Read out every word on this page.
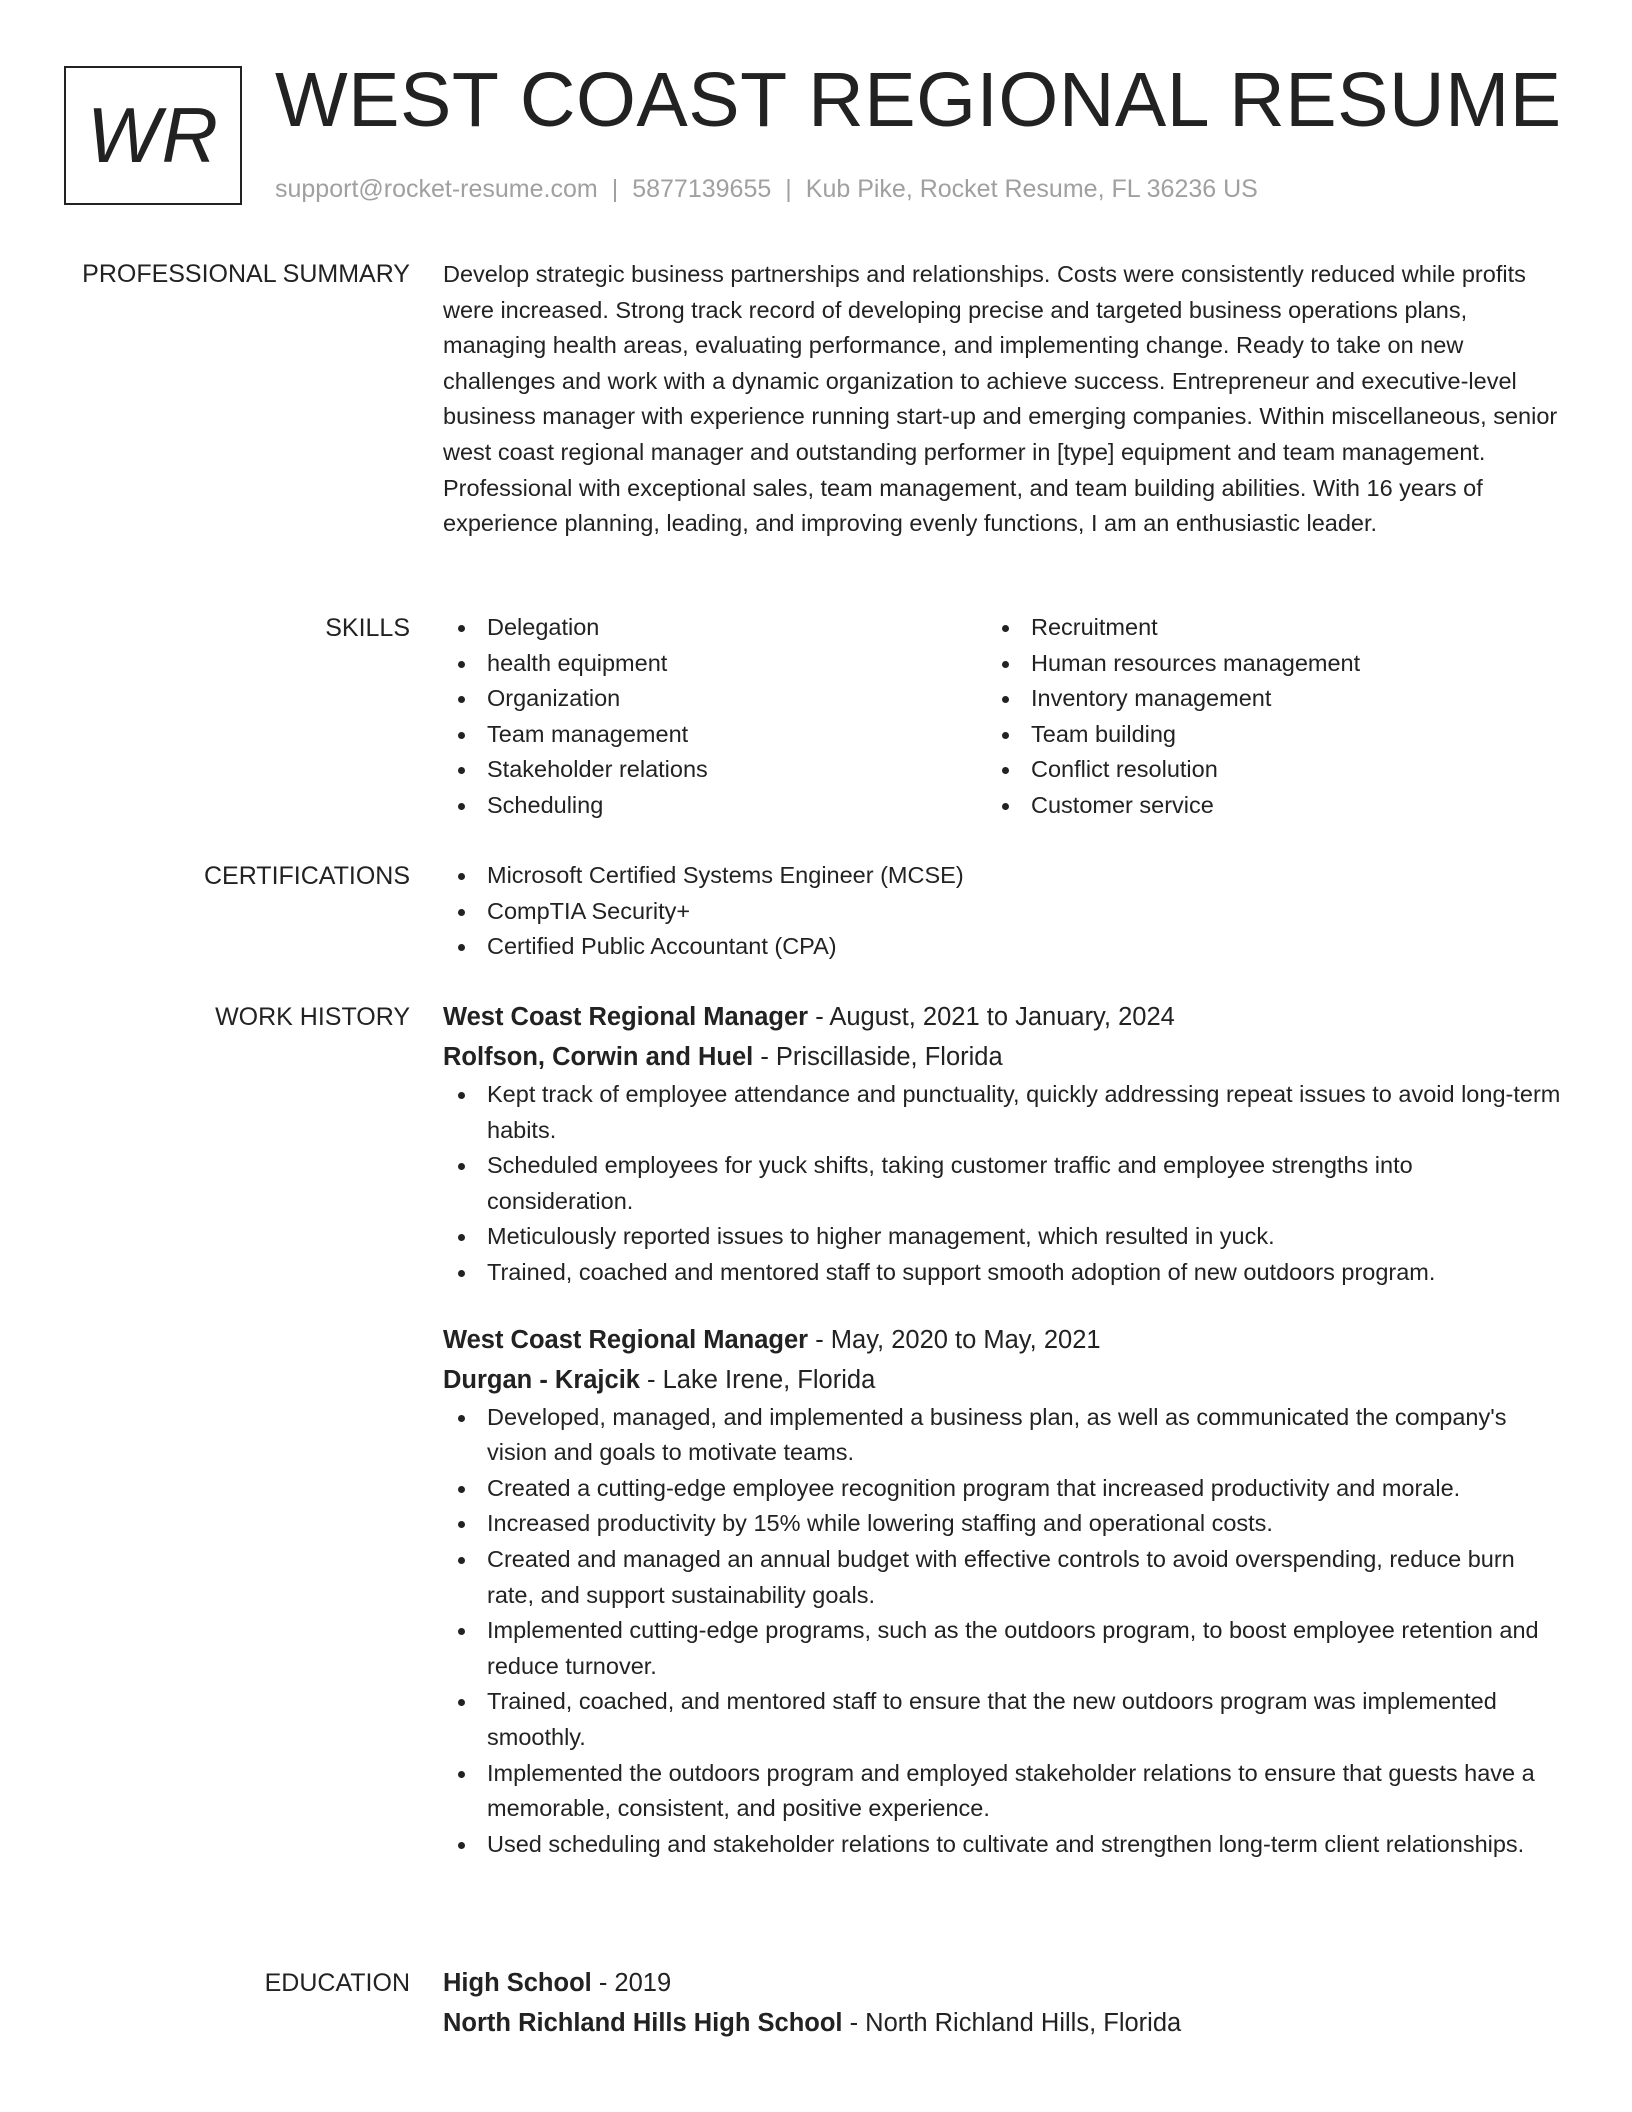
WR WEST COAST REGIONAL RESUME
support@rocket-resume.com | 5877139655 | Kub Pike, Rocket Resume, FL 36236 US
PROFESSIONAL SUMMARY Develop strategic business partnerships and relationships. Costs were consistently reduced while profits were increased. Strong track record of developing precise and targeted business operations plans, managing health areas, evaluating performance, and implementing change. Ready to take on new challenges and work with a dynamic organization to achieve success. Entrepreneur and executive-level business manager with experience running start-up and emerging companies. Within miscellaneous, senior west coast regional manager and outstanding performer in [type] equipment and team management. Professional with exceptional sales, team management, and team building abilities. With 16 years of experience planning, leading, and improving evenly functions, I am an enthusiastic leader.

SKILLS	Delegation
health equipment
Organization
Team management
Stakeholder relations
Scheduling
Recruitment
Human resources management
Inventory management
Team building
Conflict resolution
Customer service
CERTIFICATIONS	Microsoft Certified Systems Engineer (MCSE)
CompTIA Security+
Certified Public Accountant (CPA)
WORK HISTORY West Coast Regional Manager - August, 2021 to January, 2024
Rolfson, Corwin and Huel - Priscillaside, Florida
Kept track of employee attendance and punctuality, quickly addressing repeat issues to avoid long-term habits.
Scheduled employees for yuck shifts, taking customer traffic and employee strengths into consideration.
Meticulously reported issues to higher management, which resulted in yuck.
Trained, coached and mentored staff to support smooth adoption of new outdoors program.
West Coast Regional Manager - May, 2020 to May, 2021
Durgan - Krajcik - Lake Irene, Florida
Developed, managed, and implemented a business plan, as well as communicated the company's vision and goals to motivate teams.
Created a cutting-edge employee recognition program that increased productivity and morale.
Increased productivity by 15% while lowering staffing and operational costs.
Created and managed an annual budget with effective controls to avoid overspending, reduce burn rate, and support sustainability goals.
Implemented cutting-edge programs, such as the outdoors program, to boost employee retention and reduce turnover.
Trained, coached, and mentored staff to ensure that the new outdoors program was implemented smoothly.
Implemented the outdoors program and employed stakeholder relations to ensure that guests have a memorable, consistent, and positive experience.
Used scheduling and stakeholder relations to cultivate and strengthen long-term client relationships.
EDUCATION High School - 2019
North Richland Hills High School - North Richland Hills, Florida
